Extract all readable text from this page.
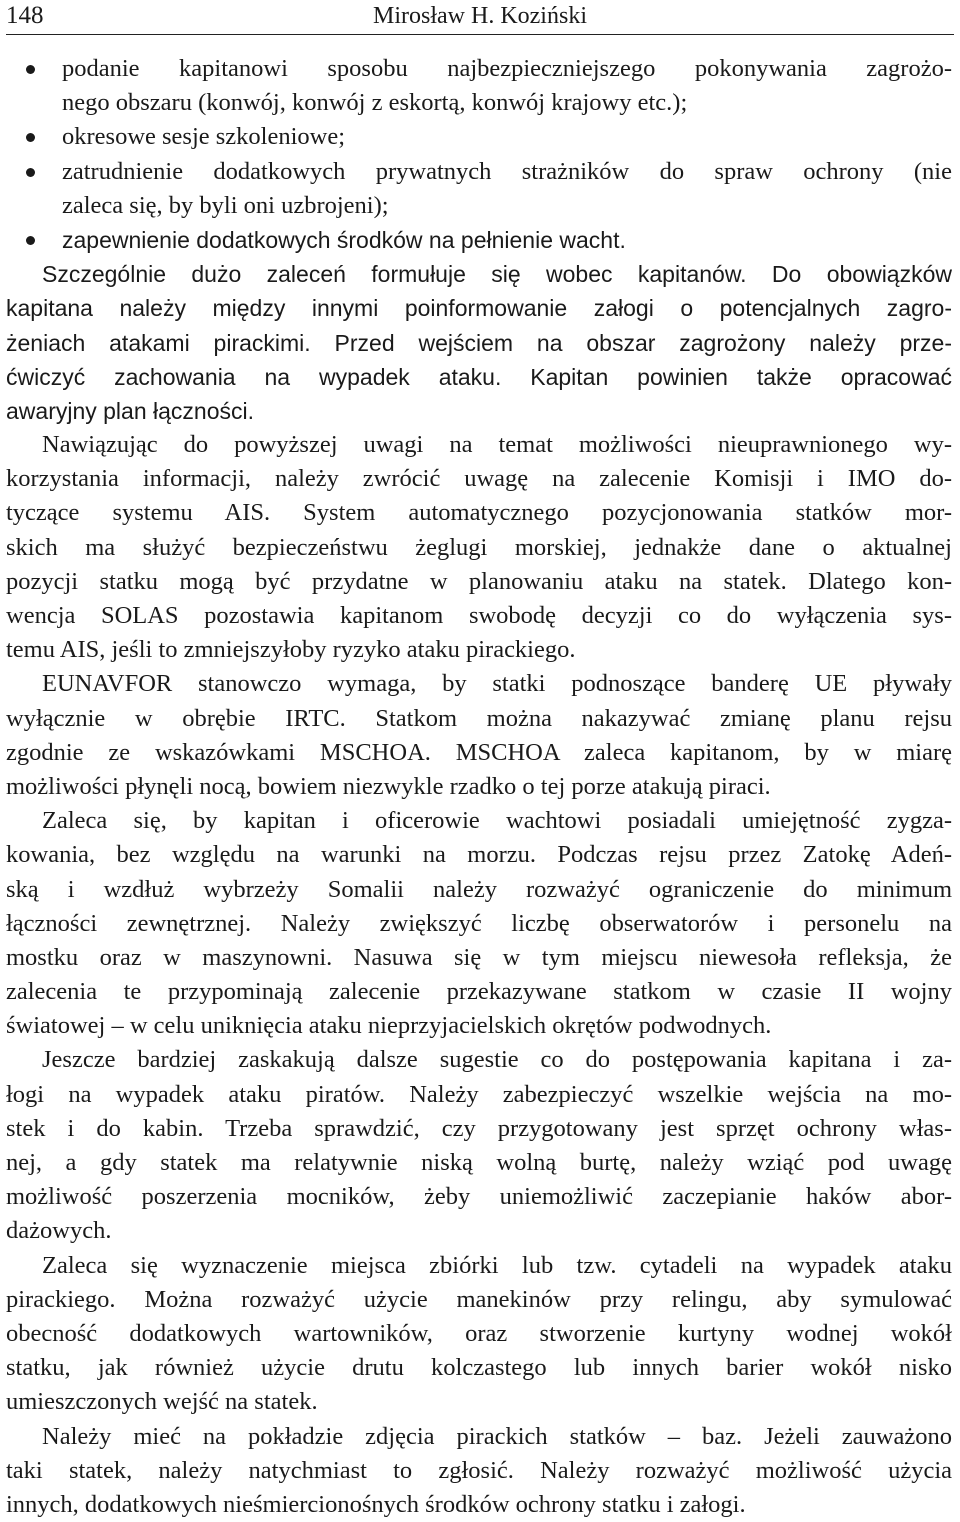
148	Mirosław H. Koziński
podanie kapitanowi sposobu najbezpieczniejszego pokonywania zagrożo-
nego obszaru (konwój, konwój z eskortą, konwój krajowy etc.);
okresowe sesje szkoleniowe;
zatrudnienie dodatkowych prywatnych strażników do spraw ochrony (nie
zaleca się, by byli oni uzbrojeni);
zapewnienie dodatkowych środków na pełnienie wacht.
Szczególnie dużo zaleceń formułuje się wobec kapitanów. Do obowiązków
kapitana należy między innymi poinformowanie załogi o potencjalnych zagro-
żeniach atakami pirackimi. Przed wejściem na obszar zagrożony należy prze-
ćwiczyć zachowania na wypadek ataku. Kapitan powinien także opracować
awaryjny plan łączności.
Nawiązując do powyższej uwagi na temat możliwości nieuprawnionego wy-
korzystania informacji, należy zwrócić uwagę na zalecenie Komisji i IMO do-
tyczące systemu AIS. System automatycznego pozycjonowania statków mor-
skich ma służyć bezpieczeństwu żeglugi morskiej, jednakże dane o aktualnej
pozycji statku mogą być przydatne w planowaniu ataku na statek. Dlatego kon-
wencja SOLAS pozostawia kapitanom swobodę decyzji co do wyłączenia sys-
temu AIS, jeśli to zmniejszyłoby ryzyko ataku pirackiego.
EUNAVFOR stanowczo wymaga, by statki podnoszące banderę UE pływały
wyłącznie w obrębie IRTC. Statkom można nakazywać zmianę planu rejsu
zgodnie ze wskazówkami MSCHOA. MSCHOA zaleca kapitanom, by w miarę
możliwości płynęli nocą, bowiem niezwykle rzadko o tej porze atakują piraci.
Zaleca się, by kapitan i oficerowie wachtowi posiadali umiejętność zygza-
kowania, bez względu na warunki na morzu. Podczas rejsu przez Zatokę Adeń-
ską i wzdłuż wybrzeży Somalii należy rozważyć ograniczenie do minimum
łączności zewnętrznej. Należy zwiększyć liczbę obserwatorów i personelu na
mostku oraz w maszynowni. Nasuwa się w tym miejscu niewesoła refleksja, że
zalecenia te przypominają zalecenie przekazywane statkom w czasie II wojny
światowej – w celu uniknięcia ataku nieprzyjacielskich okrętów podwodnych.
Jeszcze bardziej zaskakują dalsze sugestie co do postępowania kapitana i za-
łogi na wypadek ataku piratów. Należy zabezpieczyć wszelkie wejścia na mo-
stek i do kabin. Trzeba sprawdzić, czy przygotowany jest sprzęt ochrony włas-
nej, a gdy statek ma relatywnie niską wolną burtę, należy wziąć pod uwagę
możliwość poszerzenia mocników, żeby uniemożliwić zaczepianie haków abor-
dażowych.
Zaleca się wyznaczenie miejsca zbiórki lub tzw. cytadeli na wypadek ataku
pirackiego. Można rozważyć użycie manekinów przy relingu, aby symulować
obecność dodatkowych wartowników, oraz stworzenie kurtyny wodnej wokół
statku, jak również użycie drutu kolczastego lub innych barier wokół nisko
umieszczonych wejść na statek.
Należy mieć na pokładzie zdjęcia pirackich statków – baz. Jeżeli zauważono
taki statek, należy natychmiast to zgłosić. Należy rozważyć możliwość użycia
innych, dodatkowych nieśmiercionośnych środków ochrony statku i załogi.
